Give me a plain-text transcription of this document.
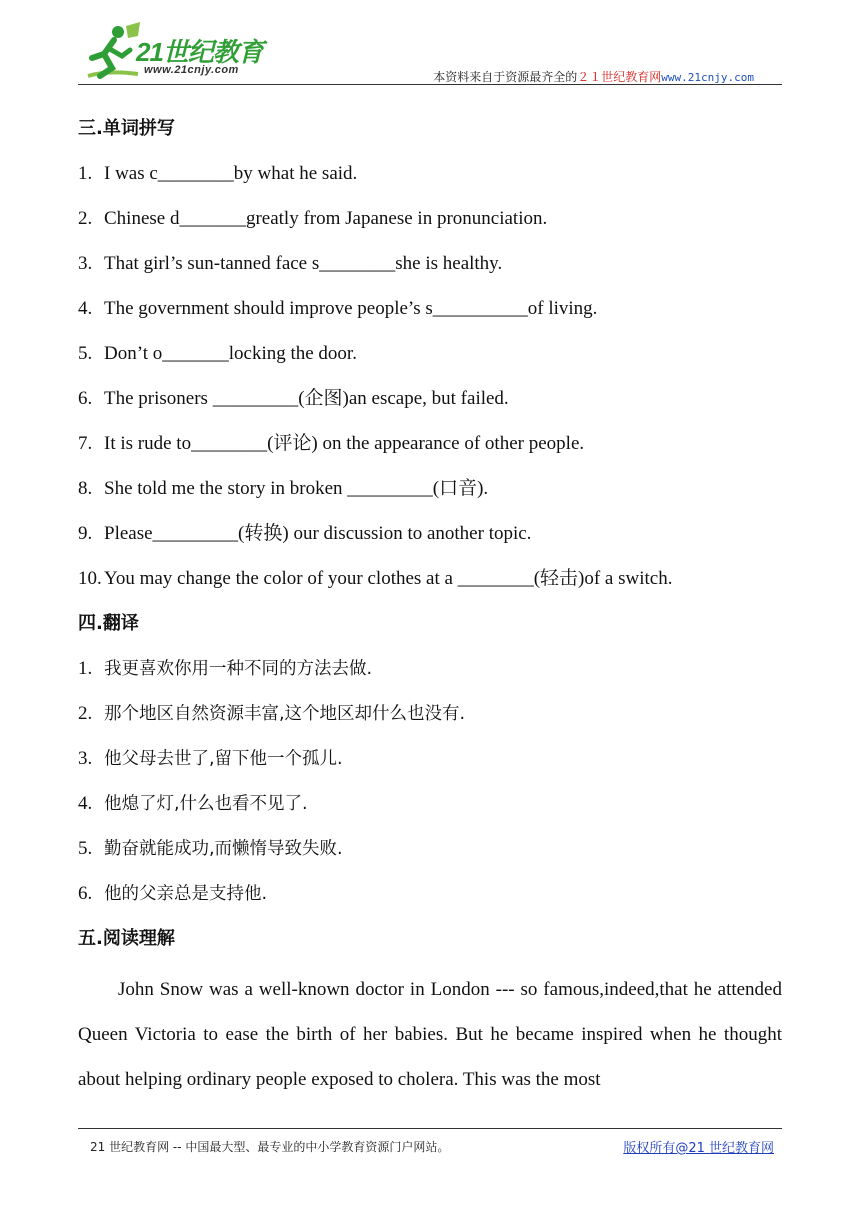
21世纪教育
www.21cnjy.com	本资料来自于资源最齐全的２１世纪教育网www.21cnjy.com
三.单词拼写
1. I was c________by what he said.
2. Chinese d_______greatly from Japanese in pronunciation.
3. That girl’s sun-tanned face s________she is healthy.
4. The government should improve people’s s__________of living.
5. Don’t o_______locking the door.
6. The prisoners _________(企图)an escape, but failed.
7. It is rude to________(评论) on the appearance of other people.
8. She told me the story in broken _________(口音).
9. Please_________(转换) our discussion to another topic.
10. You may change the color of your clothes at a ________(轻击)of a switch.
四.翻译
1. 我更喜欢你用一种不同的方法去做.
2. 那个地区自然资源丰富,这个地区却什么也没有.
3. 他父母去世了,留下他一个孤儿.
4. 他熄了灯,什么也看不见了.
5. 勤奋就能成功,而懒惰导致失败.
6. 他的父亲总是支持他.
五.阅读理解
John Snow was a well-known doctor in London --- so famous,indeed,that he attended Queen Victoria to ease the birth of her babies. But he became inspired when he thought about helping ordinary people exposed to cholera. This was the most
21 世纪教育网 -- 中国最大型、最专业的中小学教育资源门户网站。	版权所有@21 世纪教育网
